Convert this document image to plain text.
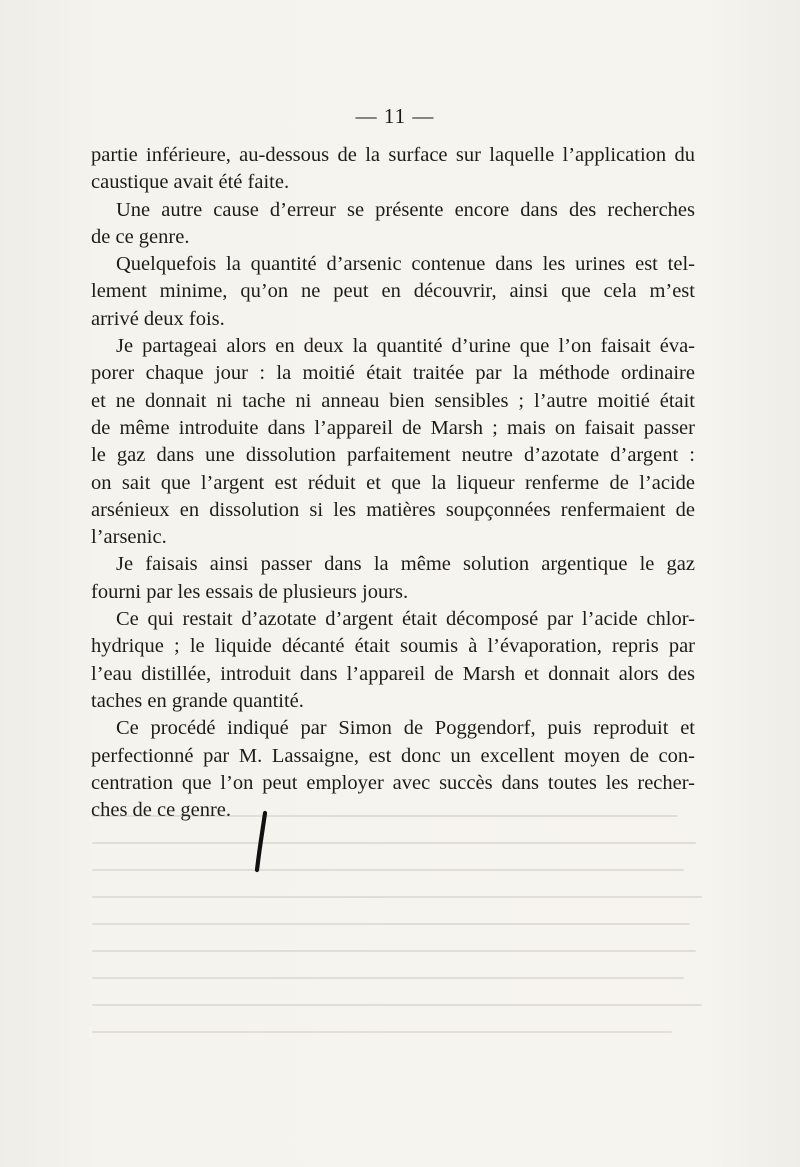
— 11 —

partie inférieure, au-dessous de la surface sur laquelle l’application du
caustique avait été faite.

Une autre cause d’erreur se présente encore dans des recherches
de ce genre.

Quelquefois la quantité d’arsenic contenue dans les urines est tel-
lement minime, qu’on ne peut en découvrir, ainsi que cela m’est
arrivé deux fois.

Je partageai alors en deux la quantité d’urine que l’on faisait éva-
porer chaque jour : la moitié était traitée par la méthode ordinaire
et ne donnait ni tache ni anneau bien sensibles ; l’autre moitié était
de même introduite dans l’appareil de Marsh ; mais on faisait passer
le gaz dans une dissolution parfaitement neutre d’azotate d’argent :
on sait que l’argent est réduit et que la liqueur renferme de l’acide
arsénieux en dissolution si les matières soupçonnées renfermaient de
l’arsenic.

Je faisais ainsi passer dans la même solution argentique le gaz
fourni par les essais de plusieurs jours.

Ce qui restait d’azotate d’argent était décomposé par l’acide chlor-
hydrique ; le liquide décanté était soumis à l’évaporation, repris par
l’eau distillée, introduit dans l’appareil de Marsh et donnait alors des
taches en grande quantité.

Ce procédé indiqué par Simon de Poggendorf, puis reproduit et
perfectionné par M. Lassaigne, est donc un excellent moyen de con-
centration que l’on peut employer avec succès dans toutes les recher-
ches de ce genre.
